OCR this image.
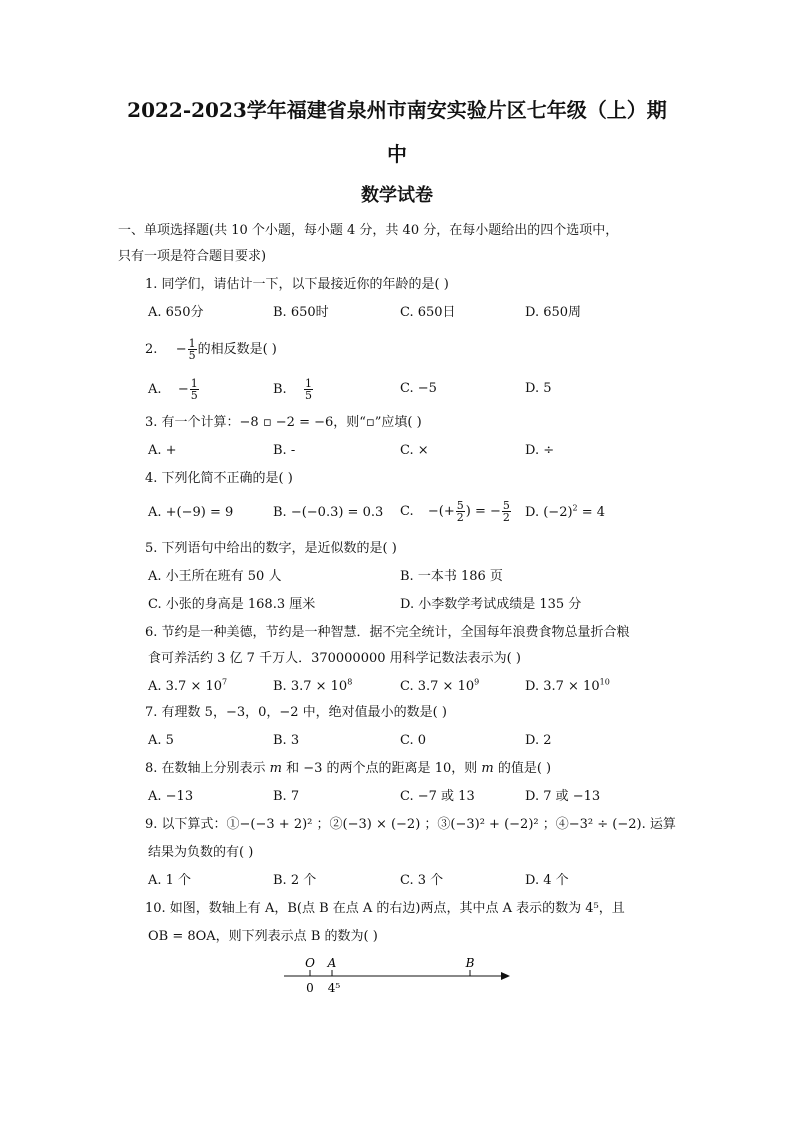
2022-2023学年福建省泉州市南安实验片区七年级（上）期
中
数学试卷
一、单项选择题(共 10 个小题，每小题 4 分，共 40 分，在每小题给出的四个选项中，
只有一项是符合题目要求)
1. 同学们，请估计一下，以下最接近你的年龄的是( )
A. 650分	B. 650时	C. 650日	D. 650周
2. − $\frac{1}{5}$ 的相反数是( )
A. − $\frac{1}{5}$	B. $\frac{1}{5}$	C. −5	D. 5
3. 有一个计算：−8 ▫ −2 = −6，则“▫”应填( )
A. +	B. -	C. ×	D. ÷
4. 下列化简不正确的是( )
A. +(−9) = 9	B. −(−0.3) = 0.3 C. −(+ $\frac{5}{2}$ ) = − $\frac{5}{2} D$. $(-2)^2 = 4$
5. 下列语句中给出的数字，是近似数的是( )
A. 小王所在班有 50 人	B. 一本书 186 页
C. 小张的身高是 168.3 厘米	D. 小李数学考试成绩是 135 分
6. 节约是一种美德，节约是一种智慧．据不完全统计，全国每年浪费食物总量折合粮
食可养活约 3 亿 7 千万人．370000000 用科学记数法表示为( )
A. $3.7 \times 10^7$	B. $3.7 \times 10^8$	C. $3.7 \times 10^9$	D. $3.7 \times 10^{10}$
7. 有理数 5，−3，0，−2 中，绝对值最小的数是( )
A. 5	B. 3	C. 0	D. 2
8. 在数轴上分别表示 m 和 −3 的两个点的距离是 10，则 m 的值是( )
A. −13	B. 7	C. −7 或 13	D. 7 或 −13
9. 以下算式：①−(−3 + 2)² ；②(−3) × (−2) ；③(−3)² + (−2)² ；④−3² ÷ (−2). 运算
结果为负数的有( )
A. 1 个	B. 2 个	C. 3 个	D. 4 个
10. 如图，数轴上有 A，B(点 B 在点 A 的右边)两点，其中点 A 表示的数为 4⁵，且
OB = 8OA，则下列表示点 B 的数为( )
O A	B
0 4⁵
